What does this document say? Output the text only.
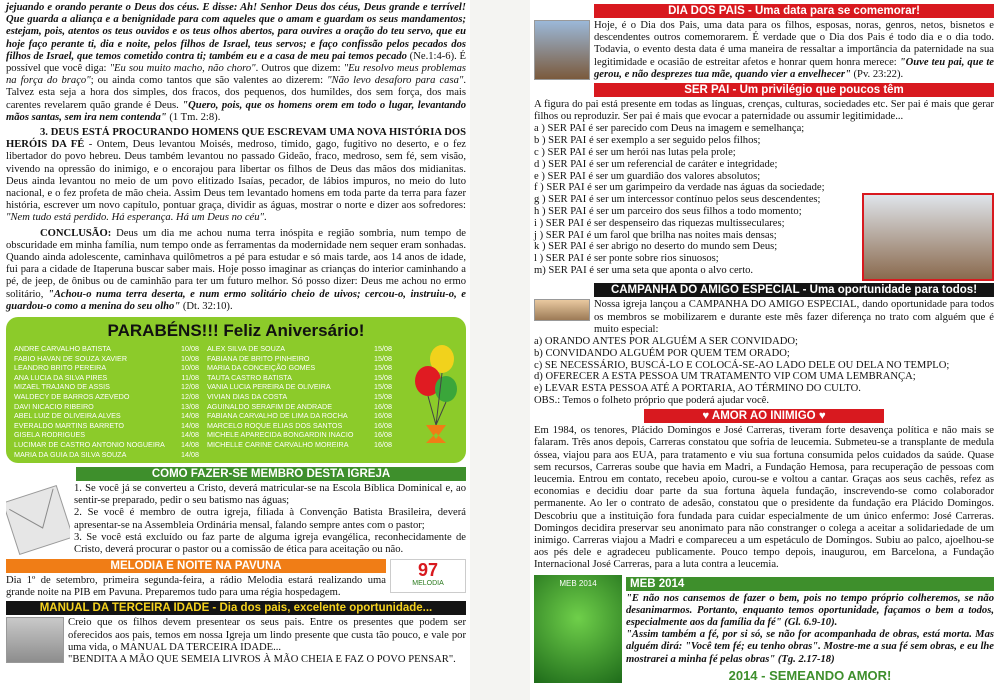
jejuando e orando perante o Deus dos céus. E disse: Ah! Senhor Deus dos céus, Deus grande e terrível! Que guarda a aliança e a benignidade para com aqueles que o amam e guardam os seus mandamentos; estejam, pois, atentos os teus ouvidos e os teus olhos abertos, para ouvires a oração do teu servo, que eu hoje faço perante ti, dia e noite, pelos filhos de Israel, teus servos; e faço confissão pelos pecados dos filhos de Israel, que temos cometido contra ti; também eu e a casa de meu pai temos pecado (Ne.1:4-6). É possível que você diga: "Eu sou muito macho, não choro". Outros que dizem: "Eu resolvo meus problemas na força do braço"; ou ainda como tantos que são valentes ao dizerem: "Não levo desaforo para casa". Talvez esta seja a hora dos simples, dos fracos, dos pequenos, dos humildes, dos sem força, dos mais carentes revelarem quão grande é Deus. "Quero, pois, que os homens orem em todo o lugar, levantando mãos santas, sem ira nem contenda" (1 Tm. 2:8).

3. DEUS ESTÁ PROCURANDO HOMENS QUE ESCREVAM UMA NOVA HISTÓRIA DOS HERÓIS DA FÉ - Ontem, Deus levantou Moisés, medroso, tímido, gago, fugitivo no deserto, e o fez libertador do povo hebreu. Deus também levantou no passado Gideão, fraco, medroso, sem fé, sem visão, vivendo na opressão do inimigo, e o encorajou para libertar os filhos de Deus das mãos dos midianitas. Deus ainda levantou no meio de um povo elitizado Isaías, pecador, de lábios impuros, no meio do luto nacional, e o fez profeta de mão cheia. Assim Deus tem levantado homens em toda parte da terra para fazer história, escrever um novo capítulo, pontuar graça, dividir as águas, mostrar o norte e dizer aos sofredores: "Nem tudo está perdido. Há esperança. Há um Deus no céu".

CONCLUSÃO: Deus um dia me achou numa terra inóspita e região sombria, num tempo de obscuridade em minha família, num tempo onde as ferramentas da modernidade nem sequer eram sonhadas. Quando ainda adolescente, caminhava quilômetros a pé para estudar e só mais tarde, aos 14 anos de idade, fui para a cidade de Itaperuna buscar saber mais. Hoje posso imaginar as crianças do interior caminhando a pé, de jeep, de ônibus ou de caminhão para ter um futuro melhor. Só posso dizer: Deus me achou no ermo solitário, "Achou-o numa terra deserta, e num ermo solitário cheio de uivos; cercou-o, instruiu-o, e guardou-o como a menina do seu olho" (Dt. 32:10).

PARABÉNS!!! Feliz Aniversário!
ANDRE CARVALHO BATISTA	10/08
FABIO HAVAN DE SOUZA XAVIER	10/08
LEANDRO BRITO PEREIRA	10/08
ANA LUCIA DA SILVA PIRES	11/08
MIZAEL TRAJANO DE ASSIS	12/08
WALDECY DE BARROS AZEVEDO	12/08
DAVI NICACIO RIBEIRO	13/08
ABEL LUIZ DE OLIVEIRA ALVES	14/08
EVERALDO MARTINS BARRETO	14/08
GISELA RODRIGUES	14/08
LUCIMAR DE CASTRO ANTONIO NOGUEIRA 14/08
MARIA DA GUIA DA SILVA SOUZA	14/08
ALEX SILVA DE SOUZA	15/08
FABIANA DE BRITO PINHEIRO	15/08
MARIA DA CONCEIÇÃO GOMES	15/08
TAUTA CASTRO BATISTA	15/08
VANIA LUCIA PEREIRA DE OLIVEIRA	15/08
VIVIAN DIAS DA COSTA	15/08
AGUINALDO SERAFIM DE ANDRADE	16/08
FABIANA CARVALHO DE LIMA DA ROCHA	16/08
MARCELO ROQUE ELIAS DOS SANTOS	16/08
MICHELE APARECIDA BONGARDIN INACIO	16/08
MICHELLE CARINE CARVALHO MOREIRA	16/08
COMO FAZER-SE MEMBRO DESTA IGREJA

1. Se você já se converteu a Cristo, deverá matricular-se na Escola Bíblica Dominical e, ao sentir-se preparado, pedir o seu batismo nas águas;

2. Se você é membro de outra igreja, filiada à Convenção Batista Brasileira, deverá apresentar-se na Assembleia Ordinária mensal, falando sempre antes com o pastor;

3. Se você está excluído ou faz parte de alguma igreja evangélica, reconhecidamente de Cristo, deverá procurar o pastor ou a comissão de ética para aceitação ou não.

MELODIA E NOITE NA PAVUNA

Dia 1º de setembro, primeira segunda-feira, a rádio Melodia estará realizando uma grande noite na PIB em Pavuna. Preparemos tudo para uma régia hospedagem.

97
MELODIA
MANUAL DA TERCEIRA IDADE - Dia dos pais, excelente oportunidade...

Creio que os filhos devem presentear os seus pais. Entre os presentes que podem ser oferecidos aos pais, temos em nossa Igreja um lindo presente que custa tão pouco, e vale por uma vida, o MANUAL DA TERCEIRA IDADE...

"BENDITA A MÃO QUE SEMEIA LIVROS À MÃO CHEIA E FAZ O POVO PENSAR".

DIA DOS PAIS - Uma data para se comemorar!

Hoje, é o Dia dos Pais, uma data para os filhos, esposas, noras, genros, netos, bisnetos e descendentes outros comemorarem. É verdade que o Dia dos Pais é todo dia e o dia todo. Todavia, o evento desta data é uma maneira de ressaltar a importância da paternidade na sua legitimidade e ocasião de estreitar afetos e honrar quem honra merece: "Ouve teu pai, que te gerou, e não desprezes tua mãe, quando vier a envelhecer" (Pv. 23:22).

SER PAI - Um privilégio que poucos têm

A figura do pai está presente em todas as línguas, crenças, culturas, sociedades etc. Ser pai é mais que gerar filhos ou reproduzir. Ser pai é mais que evocar a paternidade ou assumir legitimidade...

a ) SER PAI é ser parecido com Deus na imagem e semelhança;
b ) SER PAI é ser exemplo a ser seguido pelos filhos;
c ) SER PAI é ser um herói nas lutas pela prole;
d ) SER PAI é ser um referencial de caráter e integridade;
e ) SER PAI é ser um guardião dos valores absolutos;
f ) SER PAI é ser um garimpeiro da verdade nas águas da sociedade;
g ) SER PAI é ser um intercessor contínuo pelos seus descendentes;
h ) SER PAI é ser um parceiro dos seus filhos a todo momento;
i ) SER PAI é ser despenseiro das riquezas multisseculares;
j ) SER PAI é um farol que brilha nas noites mais densas;
k ) SER PAI é ser abrigo no deserto do mundo sem Deus;
l ) SER PAI é ser ponte sobre rios sinuosos;
m) SER PAI é ser uma seta que aponta o alvo certo.
CAMPANHA DO AMIGO ESPECIAL - Uma oportunidade para todos!

Nossa igreja lançou a CAMPANHA DO AMIGO ESPECIAL, dando oportunidade para todos os membros se mobilizarem e durante este mês fazer diferença no trato com alguém que é muito especial:

a) ORANDO ANTES POR ALGUÉM A SER CONVIDADO;
b) CONVIDANDO ALGUÉM POR QUEM TEM ORADO;
c) SE NECESSÁRIO, BUSCÁ-LO E COLOCÁ-SE-AO LADO DELE OU DELA NO TEMPLO;
d) OFERECER A ESTA PESSOA UM TRATAMENTO VIP COM UMA LEMBRANÇA;
e) LEVAR ESTA PESSOA ATÉ A PORTARIA, AO TÉRMINO DO CULTO.

OBS.: Temos o folheto próprio que poderá ajudar você.

♥ AMOR AO INIMIGO ♥

Em 1984, os tenores, Plácido Domingos e José Carreras, tiveram forte desavença política e não mais se falaram. Três anos depois, Carreras constatou que sofria de leucemia. Submeteu-se a transplante de medula óssea, viajou para aos EUA, para tratamento e viu sua fortuna consumida pelos cuidados da saúde. Quase sem recursos, Carreras soube que havia em Madri, a Fundação Hemosa, para recuperação de pessoas com leucemia. Entrou em contato, recebeu apoio, curou-se e voltou a cantar. Graças aos seus cachês, refez as economias e decidiu doar parte da sua fortuna àquela fundação, inscrevendo-se como colaborador permanente. Ao ler o contrato de adesão, constatou que o presidente da fundação era Plácido Domingos. Descobriu que a instituição fora fundada para cuidar especialmente de um único enfermo: José Carreras. Domingos decidira preservar seu anonimato para não constranger o colega a aceitar a solidariedade de um inimigo. Carreras viajou a Madri e compareceu a um espetáculo de Domingos. Subiu ao palco, ajoelhou-se aos pés dele e agradeceu publicamente. Pouco tempo depois, inaugurou, em Barcelona, a Fundação Internacional José Carreras, para a luta contra a leucemia.

MEB 2014	MEB 2014

"E não nos cansemos de fazer o bem, pois no tempo próprio colheremos, se não desanimarmos. Portanto, enquanto temos oportunidade, façamos o bem a todos, especialmente aos da família da fé" (Gl. 6.9-10).

"Assim também a fé, por si só, se não for acompanhada de obras, está morta. Mas alguém dirá: "Você tem fé; eu tenho obras". Mostre-me a sua fé sem obras, e eu lhe mostrarei a minha fé pelas obras" (Tg. 2.17-18)

2014 - SEMEANDO AMOR!
